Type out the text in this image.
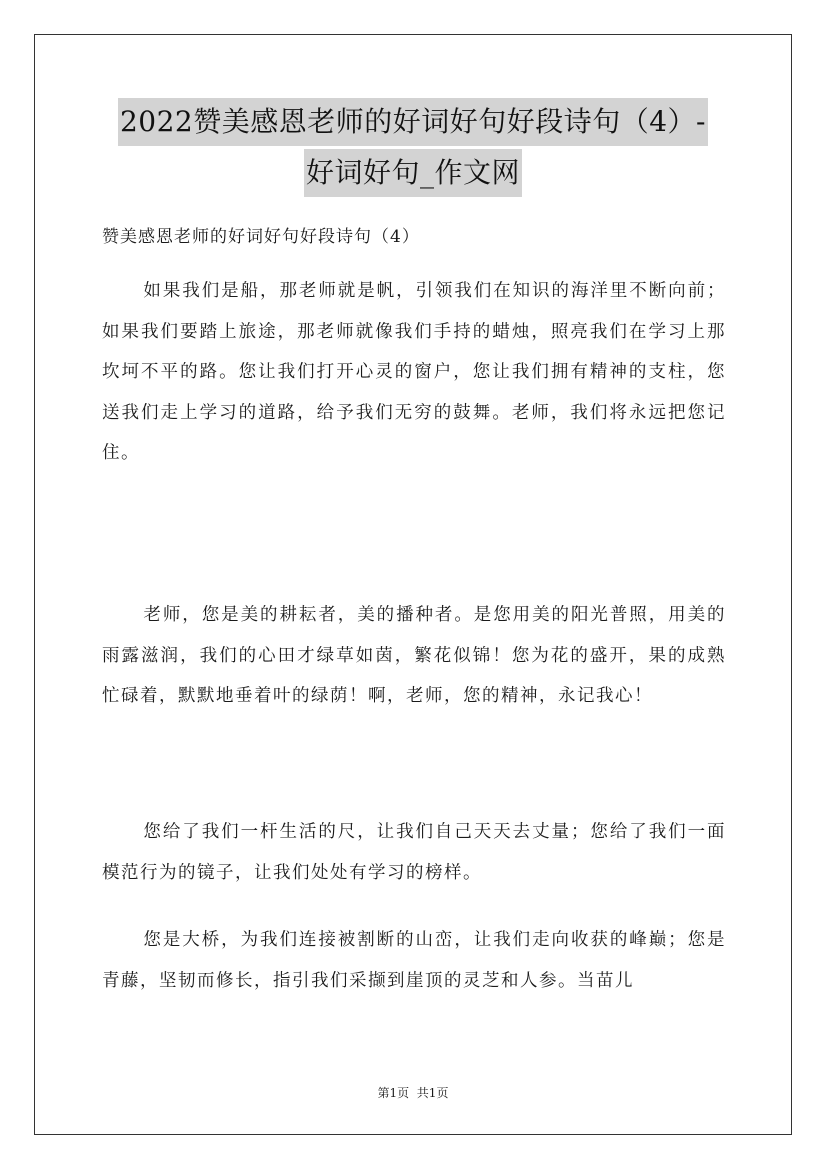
2022赞美感恩老师的好词好句好段诗句（4）-
好词好句_作文网
赞美感恩老师的好词好句好段诗句（4）
如果我们是船，那老师就是帆，引领我们在知识的海洋里不断向前；如果我们要踏上旅途，那老师就像我们手持的蜡烛，照亮我们在学习上那坎坷不平的路。您让我们打开心灵的窗户，您让我们拥有精神的支柱，您送我们走上学习的道路，给予我们无穷的鼓舞。老师，我们将永远把您记住。
老师，您是美的耕耘者，美的播种者。是您用美的阳光普照，用美的雨露滋润，我们的心田才绿草如茵，繁花似锦！您为花的盛开，果的成熟忙碌着，默默地垂着叶的绿荫！啊，老师，您的精神，永记我心！
您给了我们一杆生活的尺，让我们自己天天去丈量；您给了我们一面模范行为的镜子，让我们处处有学习的榜样。
您是大桥，为我们连接被割断的山峦，让我们走向收获的峰巅；您是青藤，坚韧而修长，指引我们采撷到崖顶的灵芝和人参。当苗儿
第1页  共1页
